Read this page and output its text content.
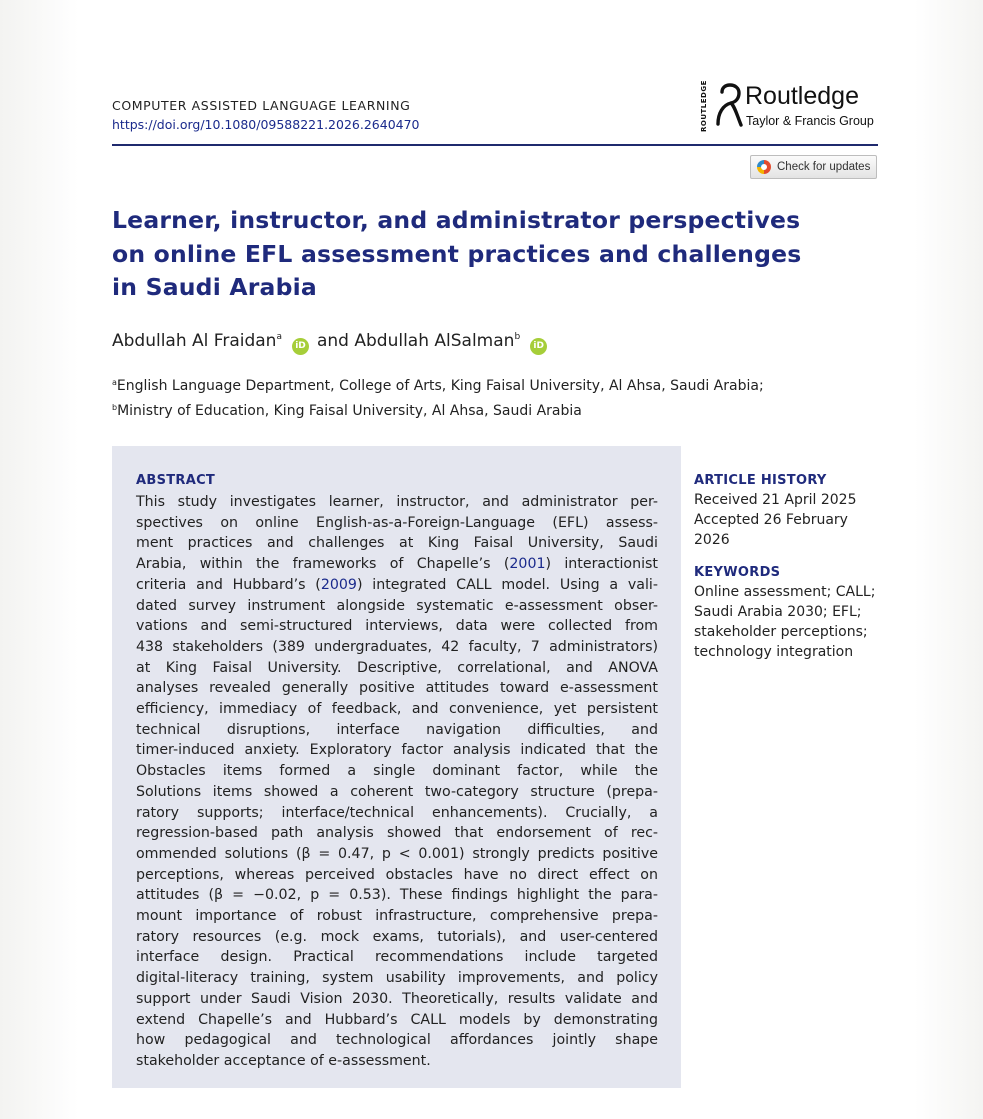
COMPUTER ASSISTED LANGUAGE LEARNING
https://doi.org/10.1080/09588221.2026.2640470	ROUTLEDGE Routledge
Taylor & Francis Group
Check for updates
Learner, instructor, and administrator perspectives on online EFL assessment practices and challenges in Saudi Arabia
Abdullah Al Fraidan$^a$iD and Abdullah AlSalman$^b$iD
$^a$English Language Department, College of Arts, King Faisal University, Al Ahsa, Saudi Arabia;
$^b$Ministry of Education, King Faisal University, Al Ahsa, Saudi Arabia
ABSTRACT
This study investigates learner, instructor, and administrator per-
spectives on online English-as-a-Foreign-Language (EFL) assess-
ment practices and challenges at King Faisal University, Saudi
Arabia, within the frameworks of Chapelle’s (2001) interactionist
criteria and Hubbard’s (2009) integrated CALL model. Using a vali-
dated survey instrument alongside systematic e-assessment obser-
vations and semi-structured interviews, data were collected from
438 stakeholders (389 undergraduates, 42 faculty, 7 administrators)
at King Faisal University. Descriptive, correlational, and ANOVA
analyses revealed generally positive attitudes toward e-assessment
efficiency, immediacy of feedback, and convenience, yet persistent
technical disruptions, interface navigation difficulties, and
timer-induced anxiety. Exploratory factor analysis indicated that the
Obstacles items formed a single dominant factor, while the
Solutions items showed a coherent two-category structure (prepa-
ratory supports; interface/technical enhancements). Crucially, a
regression-based path analysis showed that endorsement of rec-
ommended solutions (β = 0.47, p < 0.001) strongly predicts positive
perceptions, whereas perceived obstacles have no direct effect on
attitudes (β = −0.02, p = 0.53). These findings highlight the para-
mount importance of robust infrastructure, comprehensive prepa-
ratory resources (e.g. mock exams, tutorials), and user-centered
interface design. Practical recommendations include targeted
digital-literacy training, system usability improvements, and policy
support under Saudi Vision 2030. Theoretically, results validate and
extend Chapelle’s and Hubbard’s CALL models by demonstrating
how pedagogical and technological affordances jointly shape
stakeholder acceptance of e-assessment.
ARTICLE HISTORY
Received 21 April 2025
Accepted 26 February
2026
KEYWORDS
Online assessment; CALL;
Saudi Arabia 2030; EFL;
stakeholder perceptions;
technology integration
